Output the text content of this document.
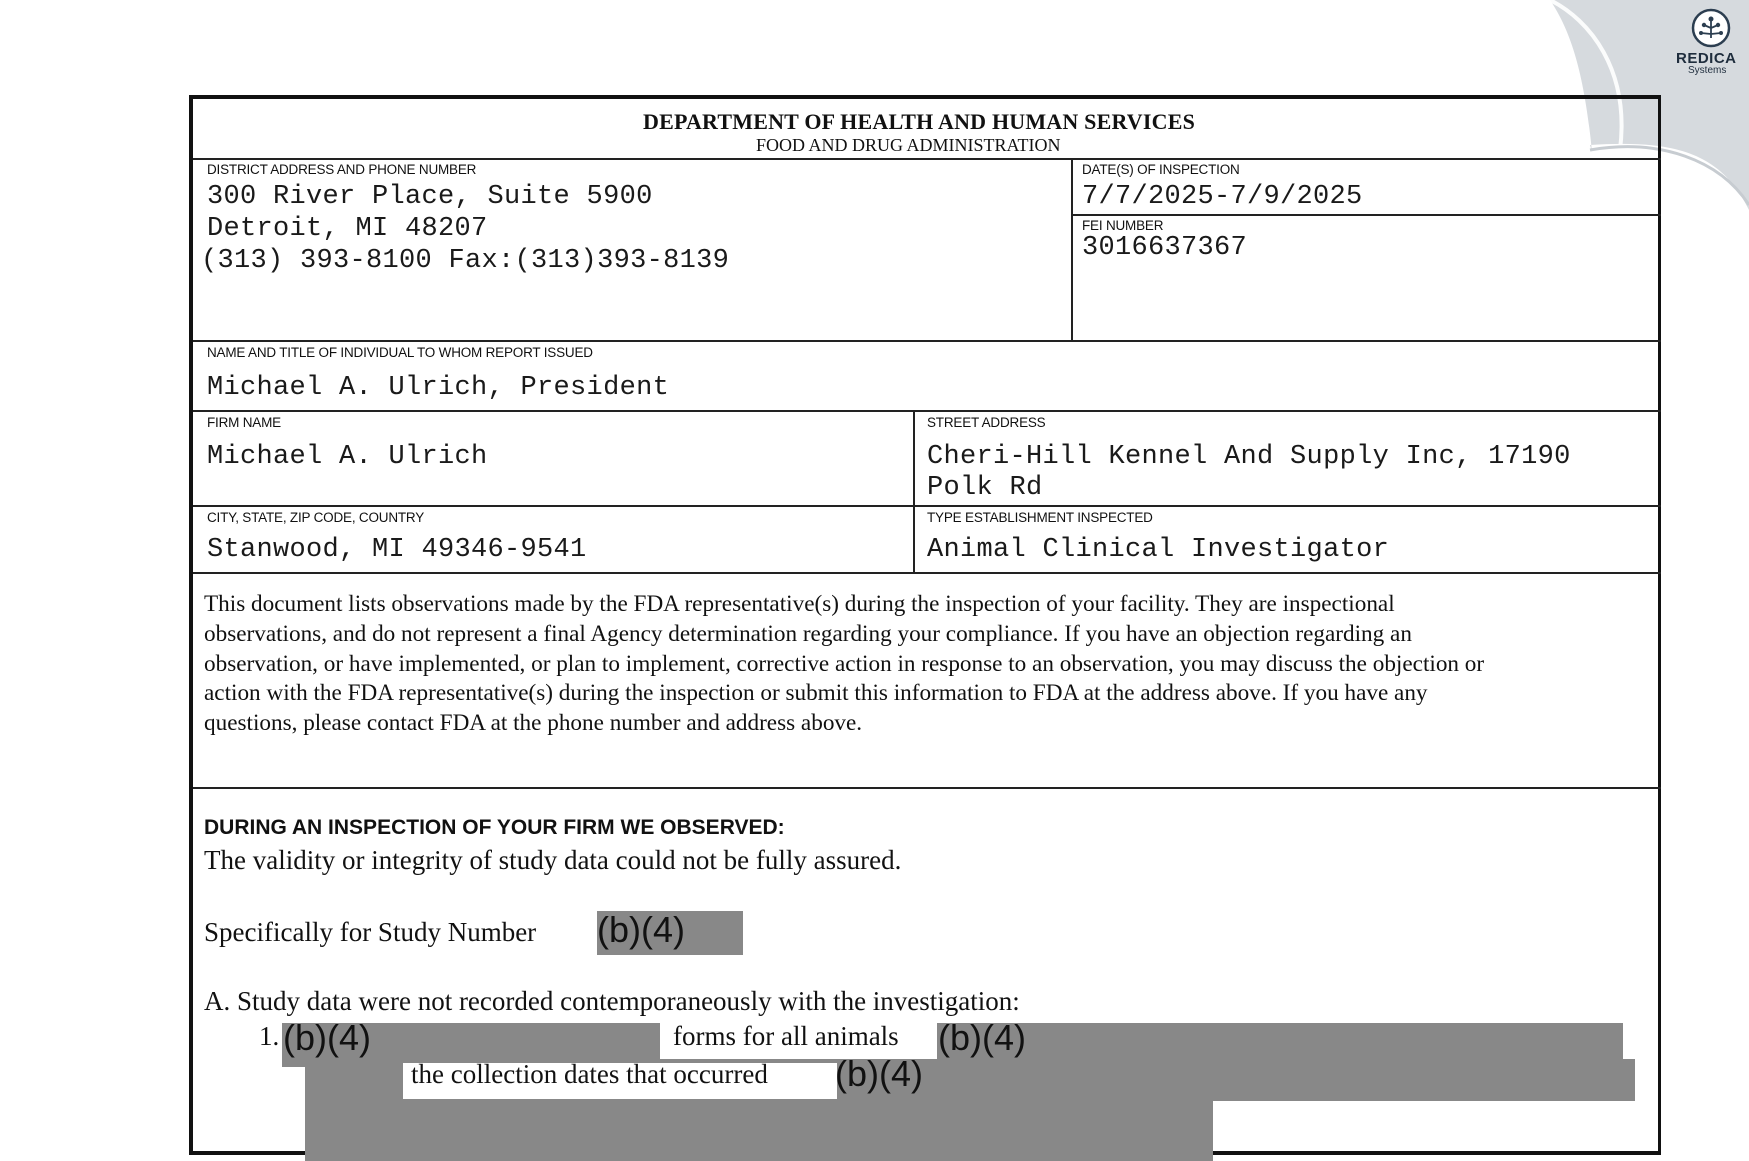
REDICA
Systems
DEPARTMENT OF HEALTH AND HUMAN SERVICES
FOOD AND DRUG ADMINISTRATION
DISTRICT ADDRESS AND PHONE NUMBER
300 River Place, Suite 5900
Detroit, MI 48207
(313) 393-8100 Fax:(313)393-8139
DATE(S) OF INSPECTION
7/7/2025-7/9/2025
FEI NUMBER
3016637367
NAME AND TITLE OF INDIVIDUAL TO WHOM REPORT ISSUED
Michael A. Ulrich, President
FIRM NAME
Michael A. Ulrich
STREET ADDRESS
Cheri-Hill Kennel And Supply Inc, 17190
Polk Rd
CITY, STATE, ZIP CODE, COUNTRY
Stanwood, MI 49346-9541
TYPE ESTABLISHMENT INSPECTED
Animal Clinical Investigator
This document lists observations made by the FDA representative(s) during the inspection of your facility. They are inspectional
observations, and do not represent a final Agency determination regarding your compliance. If you have an objection regarding an
observation, or have implemented, or plan to implement, corrective action in response to an observation, you may discuss the objection or
action with the FDA representative(s) during the inspection or submit this information to FDA at the address above. If you have any
questions, please contact FDA at the phone number and address above.
DURING AN INSPECTION OF YOUR FIRM WE OBSERVED:
The validity or integrity of study data could not be fully assured.
Specifically for Study Number (b)(4)
A. Study data were not recorded contemporaneously with the investigation:
1. (b)(4)	forms for all animals (b)(4)
the collection dates that occurred (b)(4)
